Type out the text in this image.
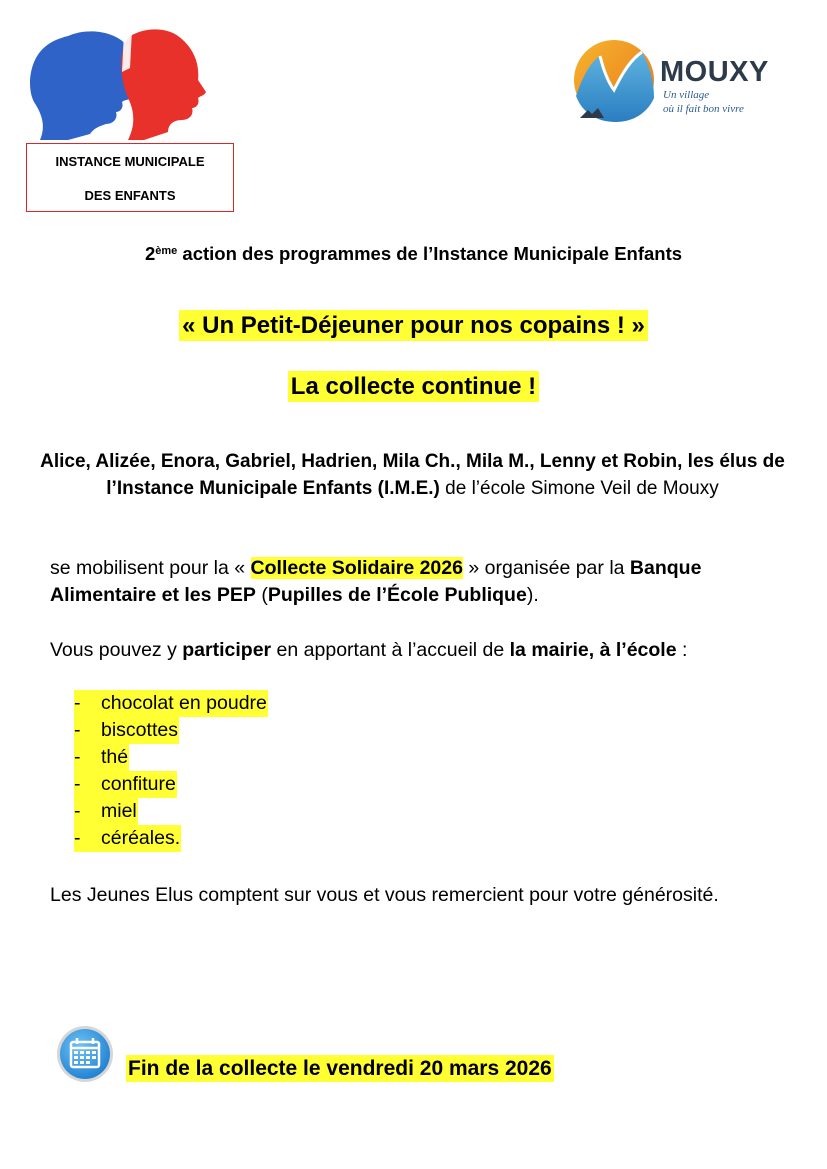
INSTANCE MUNICIPALE
DES ENFANTS
MOUXY
Un village
où il fait bon vivre
2ème action des programmes de l’Instance Municipale Enfants
« Un Petit-Déjeuner pour nos copains ! »
La collecte continue !
Alice, Alizée, Enora, Gabriel, Hadrien, Mila Ch., Mila M., Lenny et Robin, les élus de l’Instance Municipale Enfants (I.M.E.) de l’école Simone Veil de Mouxy
se mobilisent pour la « Collecte Solidaire 2026 » organisée par la Banque Alimentaire et les PEP (Pupilles de l’École Publique).
Vous pouvez y participer en apportant à l’accueil de la mairie, à l’école :
-	chocolat en poudre
-	biscottes
-	thé
-	confiture
-	miel
-	céréales.
Les Jeunes Elus comptent sur vous et vous remercient pour votre générosité.
Fin de la collecte le vendredi 20 mars 2026
